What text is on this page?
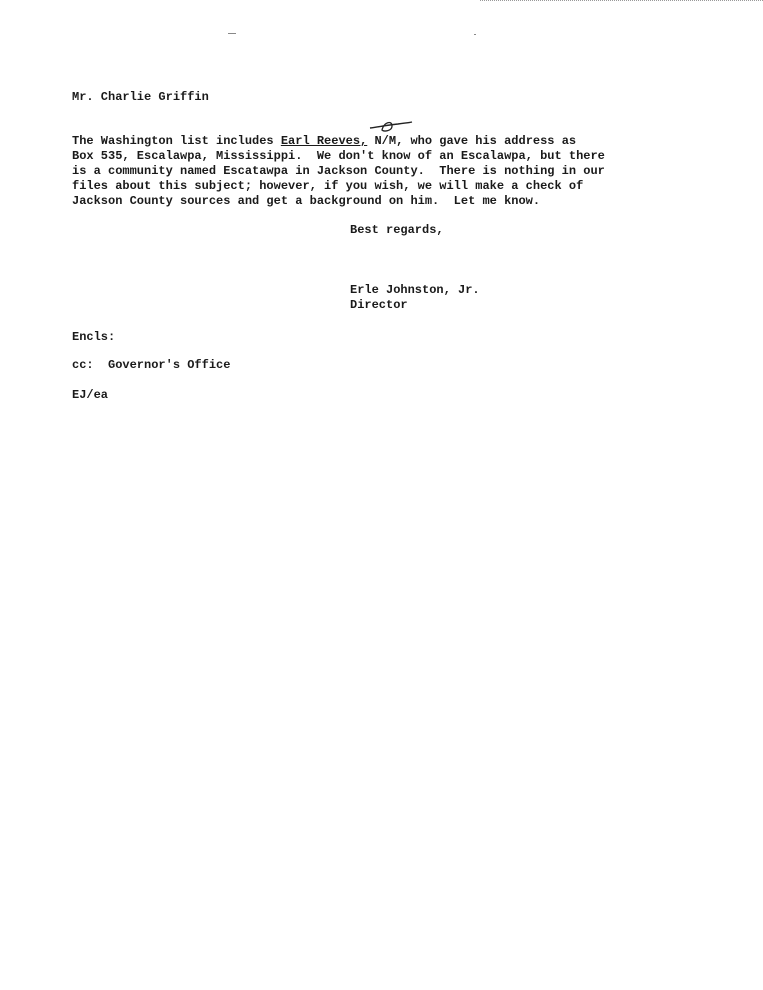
Mr. Charlie Griffin
The Washington list includes Earl Reeves, N/M, who gave his address as
Box 535, Escalawpa, Mississippi.  We don't know of an Escalawpa, but there
is a community named Escatawpa in Jackson County.  There is nothing in our
files about this subject; however, if you wish, we will make a check of
Jackson County sources and get a background on him.  Let me know.
Best regards,
Erle Johnston, Jr.
Director
Encls:
cc:  Governor's Office
EJ/ea
